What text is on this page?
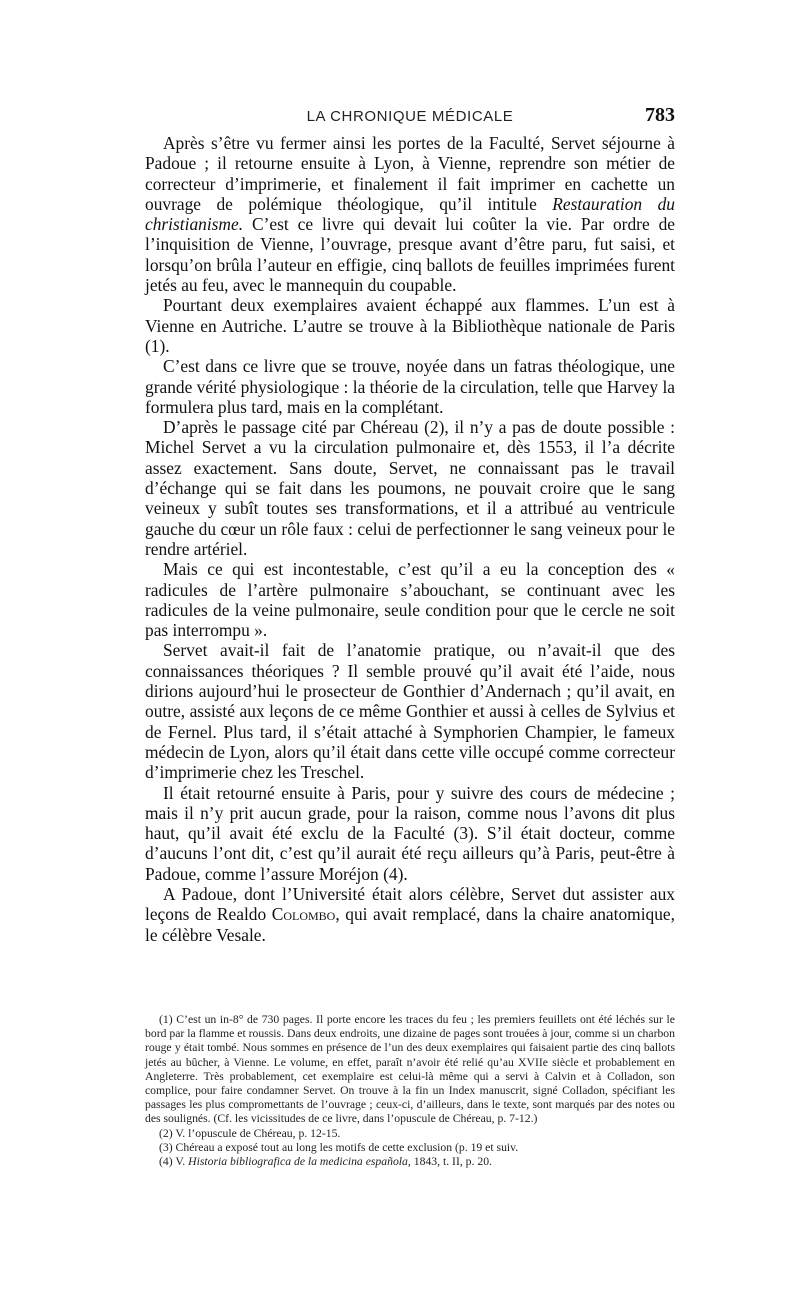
LA CHRONIQUE MÉDICALE	783

Après s’être vu fermer ainsi les portes de la Faculté, Servet séjourne à Padoue ; il retourne ensuite à Lyon, à Vienne, reprendre son métier de correcteur d’imprimerie, et finalement il fait imprimer en cachette un ouvrage de polémique théologique, qu’il intitule Restauration du christianisme. C’est ce livre qui devait lui coûter la vie. Par ordre de l’inquisition de Vienne, l’ouvrage, presque avant d’être paru, fut saisi, et lorsqu’on brûla l’auteur en effigie, cinq ballots de feuilles imprimées furent jetés au feu, avec le mannequin du coupable.

Pourtant deux exemplaires avaient échappé aux flammes. L’un est à Vienne en Autriche. L’autre se trouve à la Bibliothèque nationale de Paris (1).

C’est dans ce livre que se trouve, noyée dans un fatras théologique, une grande vérité physiologique : la théorie de la circulation, telle que Harvey la formulera plus tard, mais en la complétant.

D’après le passage cité par Chéreau (2), il n’y a pas de doute possible : Michel Servet a vu la circulation pulmonaire et, dès 1553, il l’a décrite assez exactement. Sans doute, Servet, ne connaissant pas le travail d’échange qui se fait dans les poumons, ne pouvait croire que le sang veineux y subît toutes ses transformations, et il a attribué au ventricule gauche du cœur un rôle faux : celui de perfectionner le sang veineux pour le rendre artériel.

Mais ce qui est incontestable, c’est qu’il a eu la conception des « radicules de l’artère pulmonaire s’abouchant, se continuant avec les radicules de la veine pulmonaire, seule condition pour que le cercle ne soit pas interrompu ».

Servet avait-il fait de l’anatomie pratique, ou n’avait-il que des connaissances théoriques ? Il semble prouvé qu’il avait été l’aide, nous dirions aujourd’hui le prosecteur de Gonthier d’Andernach ; qu’il avait, en outre, assisté aux leçons de ce même Gonthier et aussi à celles de Sylvius et de Fernel. Plus tard, il s’était attaché à Symphorien Champier, le fameux médecin de Lyon, alors qu’il était dans cette ville occupé comme correcteur d’imprimerie chez les Treschel.

Il était retourné ensuite à Paris, pour y suivre des cours de médecine ; mais il n’y prit aucun grade, pour la raison, comme nous l’avons dit plus haut, qu’il avait été exclu de la Faculté (3). S’il était docteur, comme d’aucuns l’ont dit, c’est qu’il aurait été reçu ailleurs qu’à Paris, peut-être à Padoue, comme l’assure Moréjon (4).

A Padoue, dont l’Université était alors célèbre, Servet dut assister aux leçons de Realdo Colombo, qui avait remplacé, dans la chaire anatomique, le célèbre Vesale.

(1) C’est un in-8° de 730 pages. Il porte encore les traces du feu ; les premiers feuillets ont été léchés sur le bord par la flamme et roussis. Dans deux endroits, une dizaine de pages sont trouées à jour, comme si un charbon rouge y était tombé. Nous sommes en présence de l’un des deux exemplaires qui faisaient partie des cinq ballots jetés au bûcher, à Vienne. Le volume, en effet, paraît n’avoir été relié qu’au XVIIe siècle et probablement en Angleterre. Très probablement, cet exemplaire est celui-là même qui a servi à Calvin et à Colladon, son complice, pour faire condamner Servet. On trouve à la fin un Index manuscrit, signé Colladon, spécifiant les passages les plus compromettants de l’ouvrage ; ceux-ci, d’ailleurs, dans le texte, sont marqués par des notes ou des soulignés. (Cf. les vicissitudes de ce livre, dans l’opuscule de Chéreau, p. 7-12.)

(2) V. l’opuscule de Chéreau, p. 12-15.

(3) Chéreau a exposé tout au long les motifs de cette exclusion (p. 19 et suiv.

(4) V. Historia bibliografica de la medicina española, 1843, t. II, p. 20.
